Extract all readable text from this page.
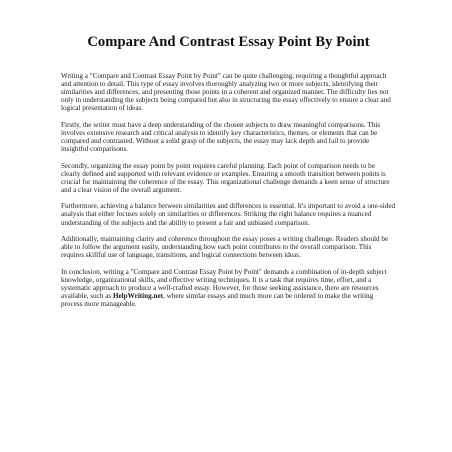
Compare And Contrast Essay Point By Point

Writing a "Compare and Contrast Essay Point by Point" can be quite challenging, requiring a thoughtful approach and attention to detail. This type of essay involves thoroughly analyzing two or more subjects, identifying their similarities and differences, and presenting those points in a coherent and organized manner. The difficulty lies not only in understanding the subjects being compared but also in structuring the essay effectively to ensure a clear and logical presentation of ideas.

Firstly, the writer must have a deep understanding of the chosen subjects to draw meaningful comparisons. This involves extensive research and critical analysis to identify key characteristics, themes, or elements that can be compared and contrasted. Without a solid grasp of the subjects, the essay may lack depth and fail to provide insightful comparisons.

Secondly, organizing the essay point by point requires careful planning. Each point of comparison needs to be clearly defined and supported with relevant evidence or examples. Ensuring a smooth transition between points is crucial for maintaining the coherence of the essay. This organizational challenge demands a keen sense of structure and a clear vision of the overall argument.

Furthermore, achieving a balance between similarities and differences is essential. It's important to avoid a one-sided analysis that either focuses solely on similarities or differences. Striking the right balance requires a nuanced understanding of the subjects and the ability to present a fair and unbiased comparison.

Additionally, maintaining clarity and coherence throughout the essay poses a writing challenge. Readers should be able to follow the argument easily, understanding how each point contributes to the overall comparison. This requires skillful use of language, transitions, and logical connections between ideas.

In conclusion, writing a "Compare and Contrast Essay Point by Point" demands a combination of in-depth subject knowledge, organizational skills, and effective writing techniques. It is a task that requires time, effort, and a systematic approach to produce a well-crafted essay. However, for those seeking assistance, there are resources available, such as HelpWriting.net, where similar essays and much more can be ordered to make the writing process more manageable.
